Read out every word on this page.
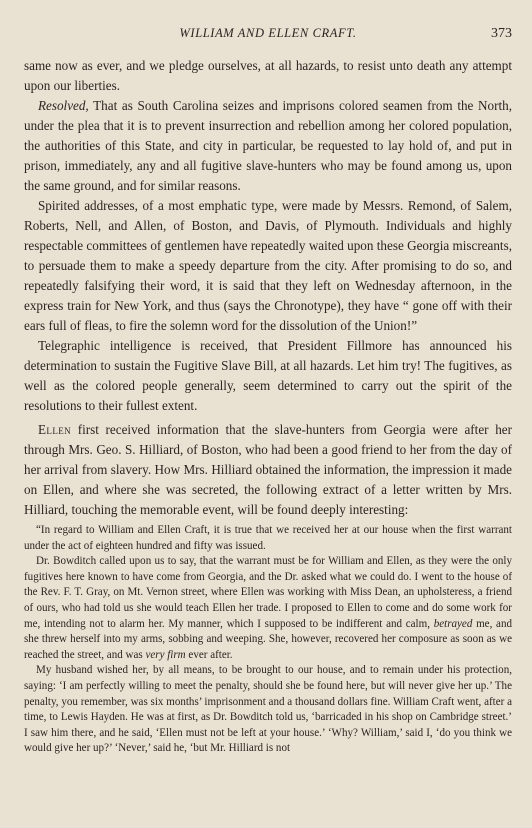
WILLIAM AND ELLEN CRAFT.	373

same now as ever, and we pledge ourselves, at all hazards, to resist unto death any attempt upon our liberties.

Resolved, That as South Carolina seizes and imprisons colored seamen from the North, under the plea that it is to prevent insurrection and rebellion among her colored population, the authorities of this State, and city in particular, be requested to lay hold of, and put in prison, immediately, any and all fugitive slave-hunters who may be found among us, upon the same ground, and for similar reasons.

Spirited addresses, of a most emphatic type, were made by Messrs. Remond, of Salem, Roberts, Nell, and Allen, of Boston, and Davis, of Plymouth. Individuals and highly respectable committees of gentlemen have repeatedly waited upon these Georgia miscreants, to persuade them to make a speedy departure from the city. After promising to do so, and repeatedly falsifying their word, it is said that they left on Wednesday afternoon, in the express train for New York, and thus (says the Chronotype), they have “ gone off with their ears full of fleas, to fire the solemn word for the dissolution of the Union!”

Telegraphic intelligence is received, that President Fillmore has announced his determination to sustain the Fugitive Slave Bill, at all hazards. Let him try! The fugitives, as well as the colored people generally, seem determined to carry out the spirit of the resolutions to their fullest extent.

Ellen first received information that the slave-hunters from Georgia were after her through Mrs. Geo. S. Hilliard, of Boston, who had been a good friend to her from the day of her arrival from slavery. How Mrs. Hilliard obtained the information, the impression it made on Ellen, and where she was secreted, the following extract of a letter written by Mrs. Hilliard, touching the memorable event, will be found deeply interesting:

“In regard to William and Ellen Craft, it is true that we received her at our house when the first warrant under the act of eighteen hundred and fifty was issued.

Dr. Bowditch called upon us to say, that the warrant must be for William and Ellen, as they were the only fugitives here known to have come from Georgia, and the Dr. asked what we could do. I went to the house of the Rev. F. T. Gray, on Mt. Vernon street, where Ellen was working with Miss Dean, an upholsteress, a friend of ours, who had told us she would teach Ellen her trade. I proposed to Ellen to come and do some work for me, intending not to alarm her. My manner, which I supposed to be indifferent and calm, betrayed me, and she threw herself into my arms, sobbing and weeping. She, however, recovered her composure as soon as we reached the street, and was very firm ever after.

My husband wished her, by all means, to be brought to our house, and to remain under his protection, saying: ‘I am perfectly willing to meet the penalty, should she be found here, but will never give her up.’ The penalty, you remember, was six months’ imprisonment and a thousand dollars fine. William Craft went, after a time, to Lewis Hayden. He was at first, as Dr. Bowditch told us, ‘barricaded in his shop on Cambridge street.’ I saw him there, and he said, ‘Ellen must not be left at your house.’ ‘Why? William,’ said I, ‘do you think we would give her up?’ ‘Never,’ said he, ‘but Mr. Hilliard is not
